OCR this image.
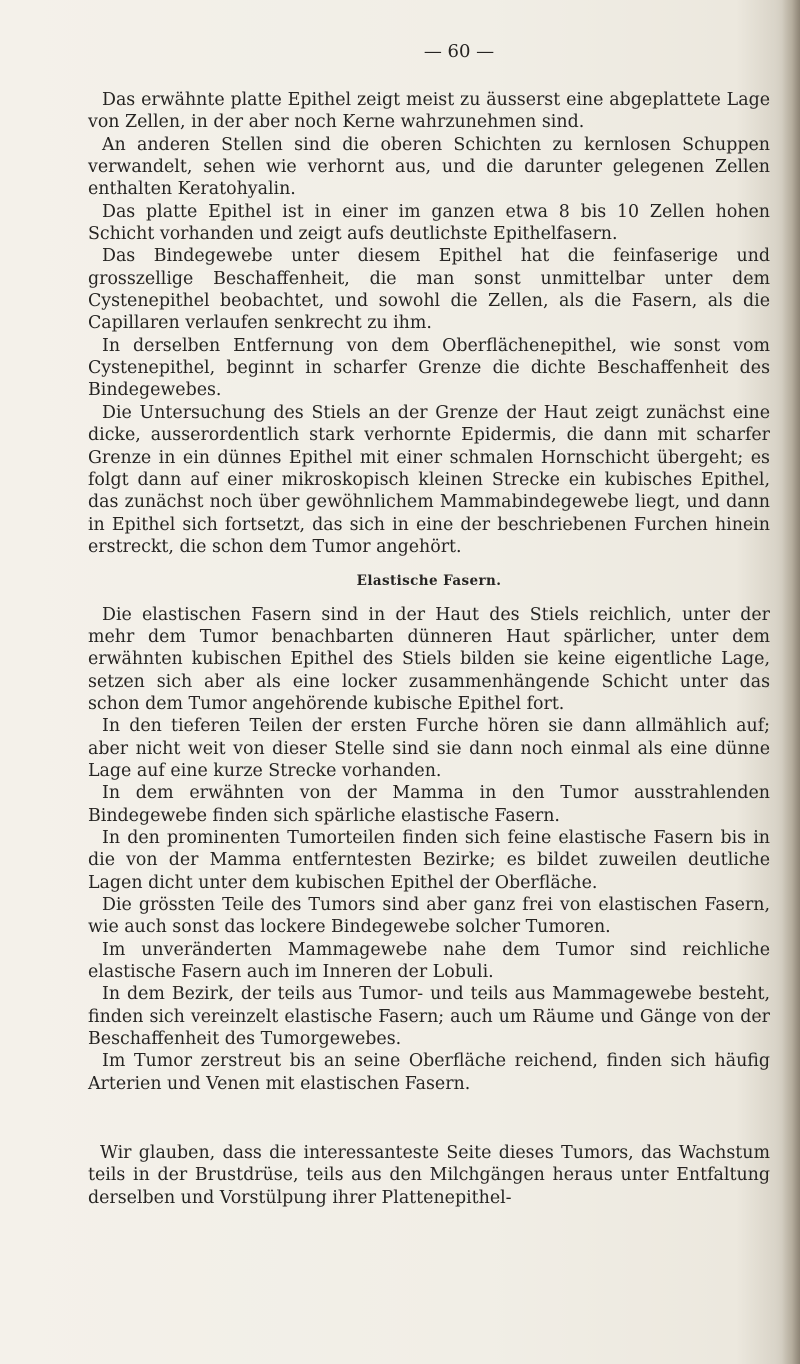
— 60 —

Das erwähnte platte Epithel zeigt meist zu äusserst eine abgeplattete Lage von Zellen, in der aber noch Kerne wahrzunehmen sind.

An anderen Stellen sind die oberen Schichten zu kernlosen Schuppen verwandelt, sehen wie verhornt aus, und die darunter gelegenen Zellen enthalten Keratohyalin.

Das platte Epithel ist in einer im ganzen etwa 8 bis 10 Zellen hohen Schicht vorhanden und zeigt aufs deutlichste Epithelfasern.

Das Bindegewebe unter diesem Epithel hat die feinfaserige und grosszellige Beschaffenheit, die man sonst unmittelbar unter dem Cystenepithel beobachtet, und sowohl die Zellen, als die Fasern, als die Capillaren verlaufen senkrecht zu ihm.

In derselben Entfernung von dem Oberflächenepithel, wie sonst vom Cystenepithel, beginnt in scharfer Grenze die dichte Beschaffenheit des Bindegewebes.

Die Untersuchung des Stiels an der Grenze der Haut zeigt zunächst eine dicke, ausserordentlich stark verhornte Epidermis, die dann mit scharfer Grenze in ein dünnes Epithel mit einer schmalen Hornschicht übergeht; es folgt dann auf einer mikroskopisch kleinen Strecke ein kubisches Epithel, das zunächst noch über gewöhnlichem Mammabindegewebe liegt, und dann in Epithel sich fortsetzt, das sich in eine der beschriebenen Furchen hinein erstreckt, die schon dem Tumor angehört.

Elastische Fasern.

Die elastischen Fasern sind in der Haut des Stiels reichlich, unter der mehr dem Tumor benachbarten dünneren Haut spärlicher, unter dem erwähnten kubischen Epithel des Stiels bilden sie keine eigentliche Lage, setzen sich aber als eine locker zusammenhängende Schicht unter das schon dem Tumor angehörende kubische Epithel fort.

In den tieferen Teilen der ersten Furche hören sie dann allmählich auf; aber nicht weit von dieser Stelle sind sie dann noch einmal als eine dünne Lage auf eine kurze Strecke vorhanden.

In dem erwähnten von der Mamma in den Tumor ausstrahlenden Bindegewebe finden sich spärliche elastische Fasern.

In den prominenten Tumorteilen finden sich feine elastische Fasern bis in die von der Mamma entferntesten Bezirke; es bildet zuweilen deutliche Lagen dicht unter dem kubischen Epithel der Oberfläche.

Die grössten Teile des Tumors sind aber ganz frei von elastischen Fasern, wie auch sonst das lockere Bindegewebe solcher Tumoren.

Im unveränderten Mammagewebe nahe dem Tumor sind reichliche elastische Fasern auch im Inneren der Lobuli.

In dem Bezirk, der teils aus Tumor- und teils aus Mammagewebe besteht, finden sich vereinzelt elastische Fasern; auch um Räume und Gänge von der Beschaffenheit des Tumorgewebes.

Im Tumor zerstreut bis an seine Oberfläche reichend, finden sich häufig Arterien und Venen mit elastischen Fasern.

Wir glauben, dass die interessanteste Seite dieses Tumors, das Wachstum teils in der Brustdrüse, teils aus den Milchgängen heraus unter Entfaltung derselben und Vorstülpung ihrer Plattenepithel-
